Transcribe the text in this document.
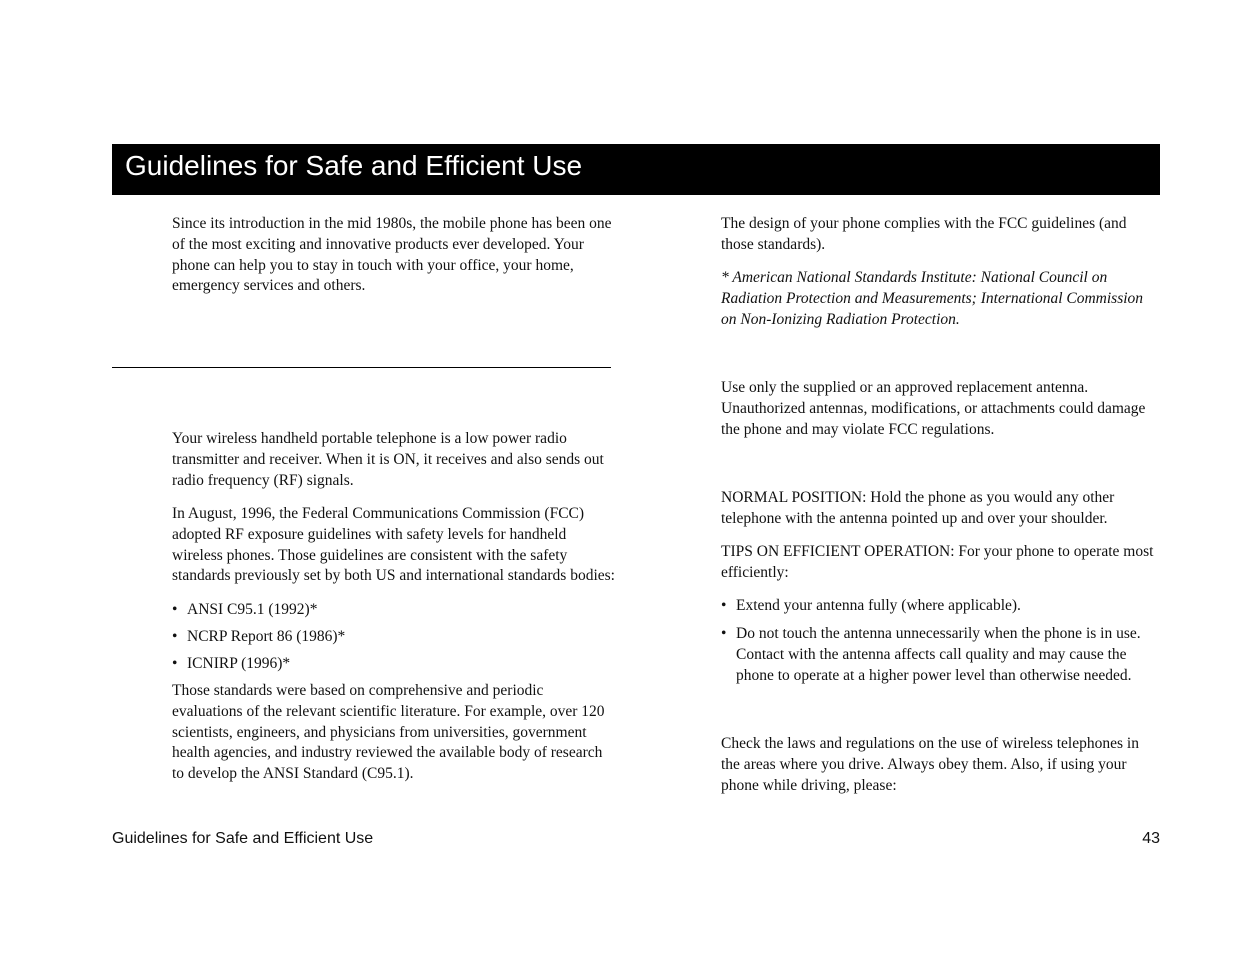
Guidelines for Safe and Efficient Use

Since its introduction in the mid 1980s, the mobile phone has been one of the most exciting and innovative products ever developed. Your phone can help you to stay in touch with your office, your home, emergency services and others.

Your wireless handheld portable telephone is a low power radio transmitter and receiver. When it is ON, it receives and also sends out radio frequency (RF) signals.

In August, 1996, the Federal Communications Commission (FCC) adopted RF exposure guidelines with safety levels for handheld wireless phones. Those guidelines are consistent with the safety standards previously set by both US and international standards bodies:

• ANSI C95.1 (1992)*
• NCRP Report 86 (1986)*
• ICNIRP (1996)*

Those standards were based on comprehensive and periodic evaluations of the relevant scientific literature. For example, over 120 scientists, engineers, and physicians from universities, government health agencies, and industry reviewed the available body of research to develop the ANSI Standard (C95.1).

The design of your phone complies with the FCC guidelines (and those standards).

* American National Standards Institute: National Council on Radiation Protection and Measurements; International Commission on Non-Ionizing Radiation Protection.

Use only the supplied or an approved replacement antenna. Unauthorized antennas, modifications, or attachments could damage the phone and may violate FCC regulations.

NORMAL POSITION: Hold the phone as you would any other telephone with the antenna pointed up and over your shoulder.

TIPS ON EFFICIENT OPERATION: For your phone to operate most efficiently:

• Extend your antenna fully (where applicable).
• Do not touch the antenna unnecessarily when the phone is in use. Contact with the antenna affects call quality and may cause the phone to operate at a higher power level than otherwise needed.

Check the laws and regulations on the use of wireless telephones in the areas where you drive. Always obey them. Also, if using your phone while driving, please:

Guidelines for Safe and Efficient Use	43
